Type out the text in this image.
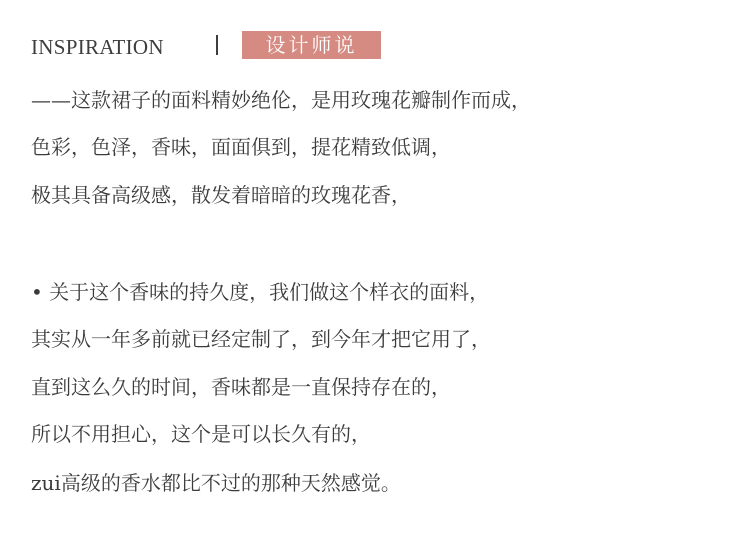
INSPIRATION	设计师说
——这款裙子的面料精妙绝伦，是用玫瑰花瓣制作而成，
色彩，色泽，香味，面面俱到，提花精致低调，
极其具备高级感，散发着暗暗的玫瑰花香，
• 关于这个香味的持久度，我们做这个样衣的面料，
其实从一年多前就已经定制了，到今年才把它用了，
直到这么久的时间，香味都是一直保持存在的，
所以不用担心，这个是可以长久有的，
zui高级的香水都比不过的那种天然感觉。
